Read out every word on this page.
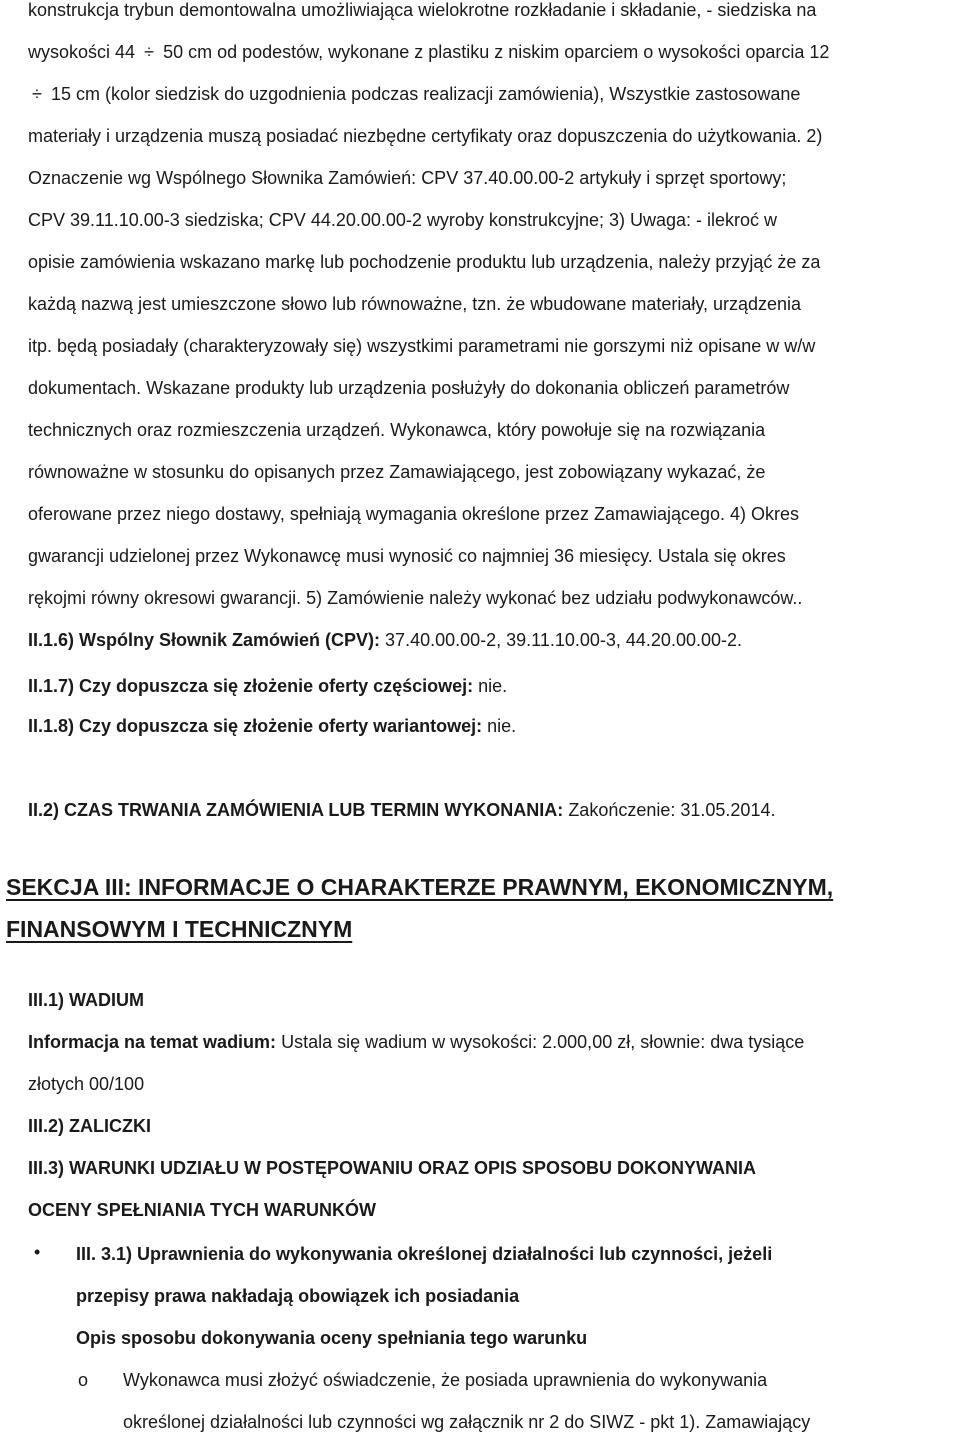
konstrukcja trybun demontowalna umożliwiająca wielokrotne rozkładanie i składanie, - siedziska na
wysokości 44 ÷ 50 cm od podestów, wykonane z plastiku z niskim oparciem o wysokości oparcia 12
÷ 15 cm (kolor siedzisk do uzgodnienia podczas realizacji zamówienia), Wszystkie zastosowane
materiały i urządzenia muszą posiadać niezbędne certyfikaty oraz dopuszczenia do użytkowania. 2)
Oznaczenie wg Wspólnego Słownika Zamówień: CPV 37.40.00.00-2 artykuły i sprzęt sportowy;
CPV 39.11.10.00-3 siedziska; CPV 44.20.00.00-2 wyroby konstrukcyjne; 3) Uwaga: - ilekroć w
opisie zamówienia wskazano markę lub pochodzenie produktu lub urządzenia, należy przyjąć że za
każdą nazwą jest umieszczone słowo lub równoważne, tzn. że wbudowane materiały, urządzenia
itp. będą posiadały (charakteryzowały się) wszystkimi parametrami nie gorszymi niż opisane w w/w
dokumentach. Wskazane produkty lub urządzenia posłużyły do dokonania obliczeń parametrów
technicznych oraz rozmieszczenia urządzeń. Wykonawca, który powołuje się na rozwiązania
równoważne w stosunku do opisanych przez Zamawiającego, jest zobowiązany wykazać, że
oferowane przez niego dostawy, spełniają wymagania określone przez Zamawiającego. 4) Okres
gwarancji udzielonej przez Wykonawcę musi wynosić co najmniej 36 miesięcy. Ustala się okres
rękojmi równy okresowi gwarancji. 5) Zamówienie należy wykonać bez udziału podwykonawców..
II.1.6) Wspólny Słownik Zamówień (CPV): 37.40.00.00-2, 39.11.10.00-3, 44.20.00.00-2.
II.1.7) Czy dopuszcza się złożenie oferty częściowej: nie.
II.1.8) Czy dopuszcza się złożenie oferty wariantowej: nie.
II.2) CZAS TRWANIA ZAMÓWIENIA LUB TERMIN WYKONANIA: Zakończenie: 31.05.2014.
SEKCJA III: INFORMACJE O CHARAKTERZE PRAWNYM, EKONOMICZNYM,
FINANSOWYM I TECHNICZNYM
III.1) WADIUM
Informacja na temat wadium: Ustala się wadium w wysokości: 2.000,00 zł, słownie: dwa tysiące
złotych 00/100
III.2) ZALICZKI
III.3) WARUNKI UDZIAŁU W POSTĘPOWANIU ORAZ OPIS SPOSOBU DOKONYWANIA
OCENY SPEŁNIANIA TYCH WARUNKÓW
• III. 3.1) Uprawnienia do wykonywania określonej działalności lub czynności, jeżeli
przepisy prawa nakładają obowiązek ich posiadania
Opis sposobu dokonywania oceny spełniania tego warunku
o Wykonawca musi złożyć oświadczenie, że posiada uprawnienia do wykonywania
określonej działalności lub czynności wg załącznik nr 2 do SIWZ - pkt 1). Zamawiający
